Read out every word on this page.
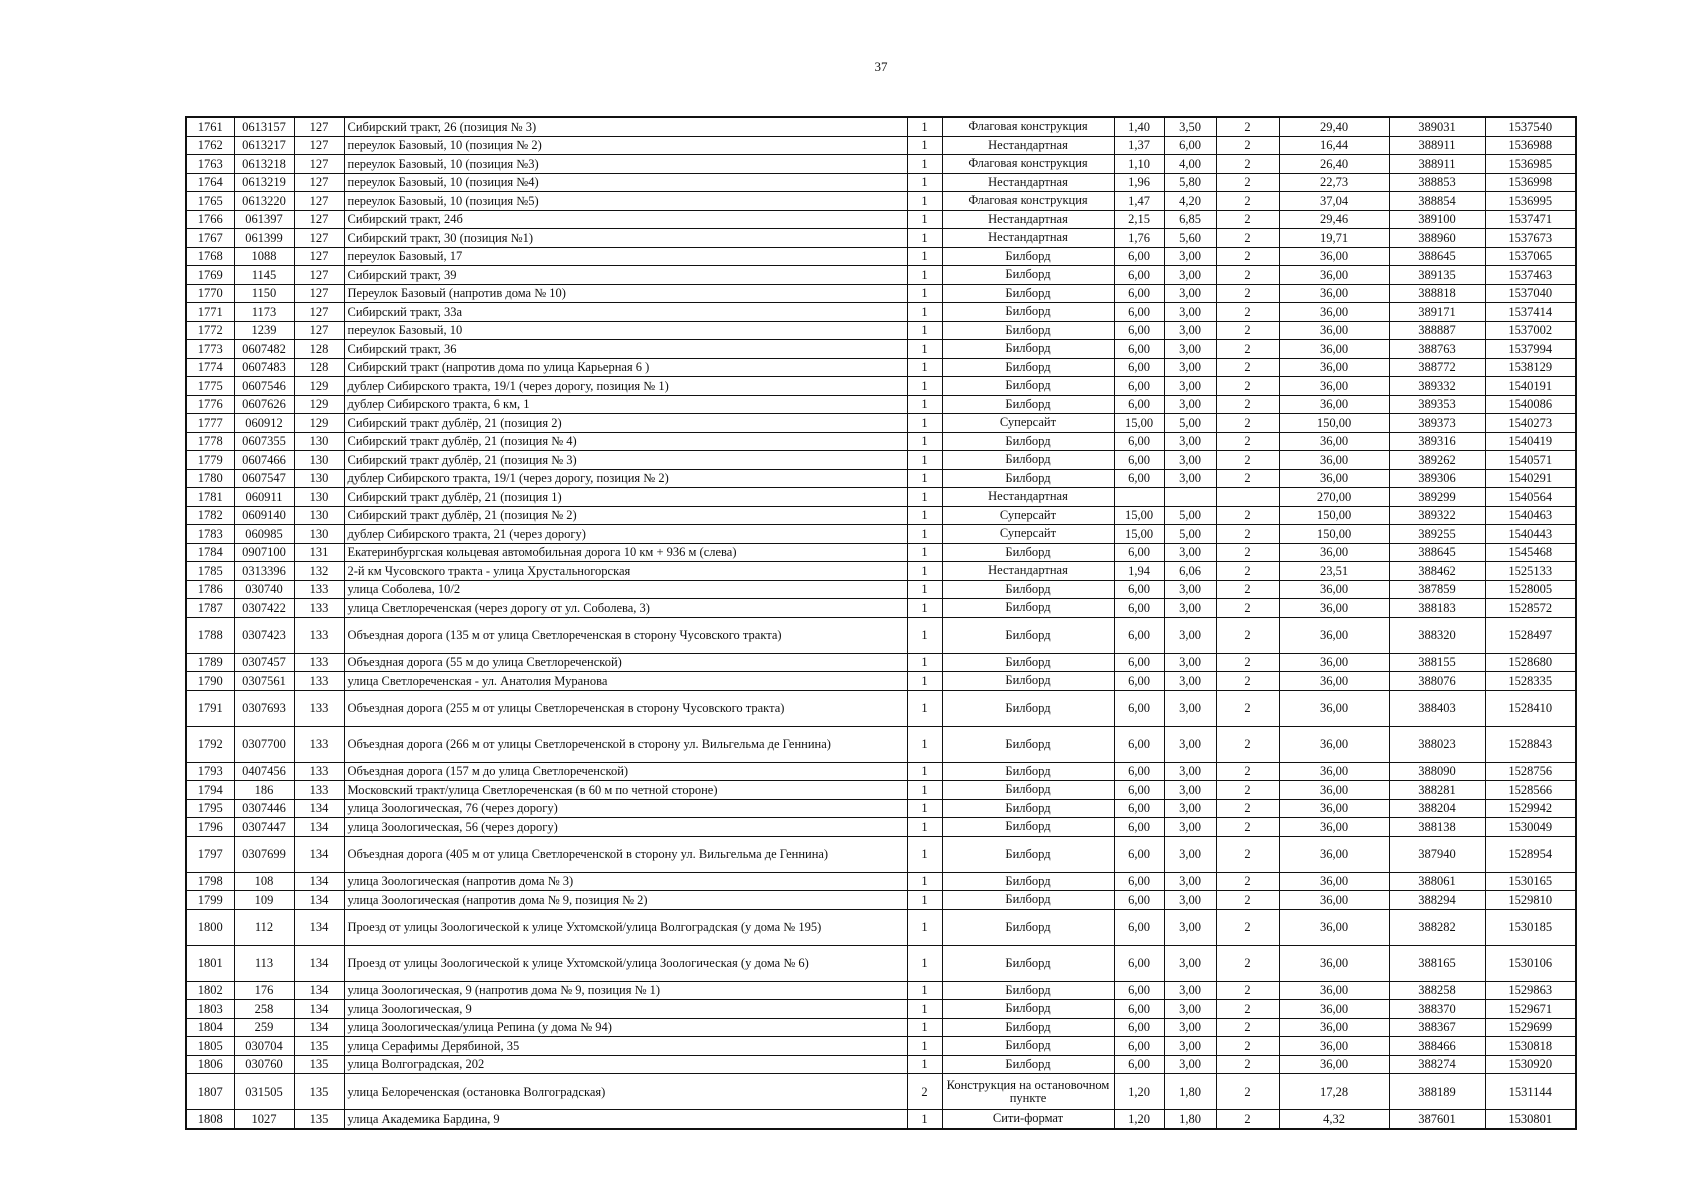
37
1761	0613157	127	Сибирский тракт, 26 (позиция № 3)	1	Флаговая конструкция	1,40	3,50	2	29,40	389031	1537540
1762	0613217	127	переулок Базовый, 10 (позиция № 2)	1	Нестандартная	1,37	6,00	2	16,44	388911	1536988
1763	0613218	127	переулок Базовый, 10 (позиция №3)	1	Флаговая конструкция	1,10	4,00	2	26,40	388911	1536985
1764	0613219	127	переулок Базовый, 10 (позиция №4)	1	Нестандартная	1,96	5,80	2	22,73	388853	1536998
1765	0613220	127	переулок Базовый, 10 (позиция №5)	1	Флаговая конструкция	1,47	4,20	2	37,04	388854	1536995
1766	061397	127	Сибирский тракт, 24б	1	Нестандартная	2,15	6,85	2	29,46	389100	1537471
1767	061399	127	Сибирский тракт, 30 (позиция №1)	1	Нестандартная	1,76	5,60	2	19,71	388960	1537673
1768	1088	127	переулок Базовый, 17	1	Билборд	6,00	3,00	2	36,00	388645	1537065
1769	1145	127	Сибирский тракт, 39	1	Билборд	6,00	3,00	2	36,00	389135	1537463
1770	1150	127	Переулок Базовый (напротив дома № 10)	1	Билборд	6,00	3,00	2	36,00	388818	1537040
1771	1173	127	Сибирский тракт, 33а	1	Билборд	6,00	3,00	2	36,00	389171	1537414
1772	1239	127	переулок Базовый, 10	1	Билборд	6,00	3,00	2	36,00	388887	1537002
1773	0607482	128	Сибирский тракт, 36	1	Билборд	6,00	3,00	2	36,00	388763	1537994
1774	0607483	128	Сибирский тракт (напротив дома по улица Карьерная 6 )	1	Билборд	6,00	3,00	2	36,00	388772	1538129
1775	0607546	129	дублер Сибирского тракта, 19/1 (через дорогу, позиция № 1)	1	Билборд	6,00	3,00	2	36,00	389332	1540191
1776	0607626	129	дублер Сибирского тракта, 6 км, 1	1	Билборд	6,00	3,00	2	36,00	389353	1540086
1777	060912	129	Сибирский тракт дублёр, 21 (позиция 2)	1	Суперсайт	15,00	5,00	2	150,00	389373	1540273
1778	0607355	130	Сибирский тракт дублёр, 21 (позиция № 4)	1	Билборд	6,00	3,00	2	36,00	389316	1540419
1779	0607466	130	Сибирский тракт дублёр, 21 (позиция № 3)	1	Билборд	6,00	3,00	2	36,00	389262	1540571
1780	0607547	130	дублер Сибирского тракта, 19/1 (через дорогу, позиция № 2)	1	Билборд	6,00	3,00	2	36,00	389306	1540291
1781	060911	130	Сибирский тракт дублёр, 21 (позиция 1)	1	Нестандартная				270,00	389299	1540564
1782	0609140	130	Сибирский тракт дублёр, 21 (позиция № 2)	1	Суперсайт	15,00	5,00	2	150,00	389322	1540463
1783	060985	130	дублер Сибирского тракта, 21 (через дорогу)	1	Суперсайт	15,00	5,00	2	150,00	389255	1540443
1784	0907100	131	Екатеринбургская кольцевая автомобильная дорога 10 км + 936 м (слева)	1	Билборд	6,00	3,00	2	36,00	388645	1545468
1785	0313396	132	2-й км Чусовского тракта - улица Хрустальногорская	1	Нестандартная	1,94	6,06	2	23,51	388462	1525133
1786	030740	133	улица Соболева, 10/2	1	Билборд	6,00	3,00	2	36,00	387859	1528005
1787	0307422	133	улица Светлореченская (через дорогу от ул. Соболева, 3)	1	Билборд	6,00	3,00	2	36,00	388183	1528572
1788	0307423	133	Объездная дорога (135 м от улица Светлореченская в сторону Чусовского тракта)	1	Билборд	6,00	3,00	2	36,00	388320	1528497
1789	0307457	133	Объездная дорога (55 м до улица Светлореченской)	1	Билборд	6,00	3,00	2	36,00	388155	1528680
1790	0307561	133	улица Светлореченская - ул. Анатолия Муранова	1	Билборд	6,00	3,00	2	36,00	388076	1528335
1791	0307693	133	Объездная дорога (255 м от улицы Светлореченская в сторону Чусовского тракта)	1	Билборд	6,00	3,00	2	36,00	388403	1528410
1792	0307700	133	Объездная дорога (266 м от улицы Светлореченской в сторону ул. Вильгельма де Геннина)	1	Билборд	6,00	3,00	2	36,00	388023	1528843
1793	0407456	133	Объездная дорога (157 м до улица Светлореченской)	1	Билборд	6,00	3,00	2	36,00	388090	1528756
1794	186	133	Московский тракт/улица Светлореченская (в 60 м по четной стороне)	1	Билборд	6,00	3,00	2	36,00	388281	1528566
1795	0307446	134	улица Зоологическая, 76 (через дорогу)	1	Билборд	6,00	3,00	2	36,00	388204	1529942
1796	0307447	134	улица Зоологическая, 56 (через дорогу)	1	Билборд	6,00	3,00	2	36,00	388138	1530049
1797	0307699	134	Объездная дорога (405 м от улица Светлореченской в сторону ул. Вильгельма де Геннина)	1	Билборд	6,00	3,00	2	36,00	387940	1528954
1798	108	134	улица Зоологическая (напротив дома № 3)	1	Билборд	6,00	3,00	2	36,00	388061	1530165
1799	109	134	улица Зоологическая (напротив дома № 9, позиция № 2)	1	Билборд	6,00	3,00	2	36,00	388294	1529810
1800	112	134	Проезд от улицы Зоологической к улице Ухтомской/улица Волгоградская (у дома № 195)	1	Билборд	6,00	3,00	2	36,00	388282	1530185
1801	113	134	Проезд от улицы Зоологической к улице Ухтомской/улица Зоологическая (у дома № 6)	1	Билборд	6,00	3,00	2	36,00	388165	1530106
1802	176	134	улица Зоологическая, 9 (напротив дома № 9, позиция № 1)	1	Билборд	6,00	3,00	2	36,00	388258	1529863
1803	258	134	улица Зоологическая, 9	1	Билборд	6,00	3,00	2	36,00	388370	1529671
1804	259	134	улица Зоологическая/улица Репина (у дома № 94)	1	Билборд	6,00	3,00	2	36,00	388367	1529699
1805	030704	135	улица Серафимы Дерябиной, 35	1	Билборд	6,00	3,00	2	36,00	388466	1530818
1806	030760	135	улица Волгоградская, 202	1	Билборд	6,00	3,00	2	36,00	388274	1530920
1807	031505	135	улица Белореченская (остановка Волгоградская)	2	Конструкция на остановочном пункте	1,20	1,80	2	17,28	388189	1531144
1808	1027	135	улица Академика Бардина, 9	1	Сити-формат	1,20	1,80	2	4,32	387601	1530801
